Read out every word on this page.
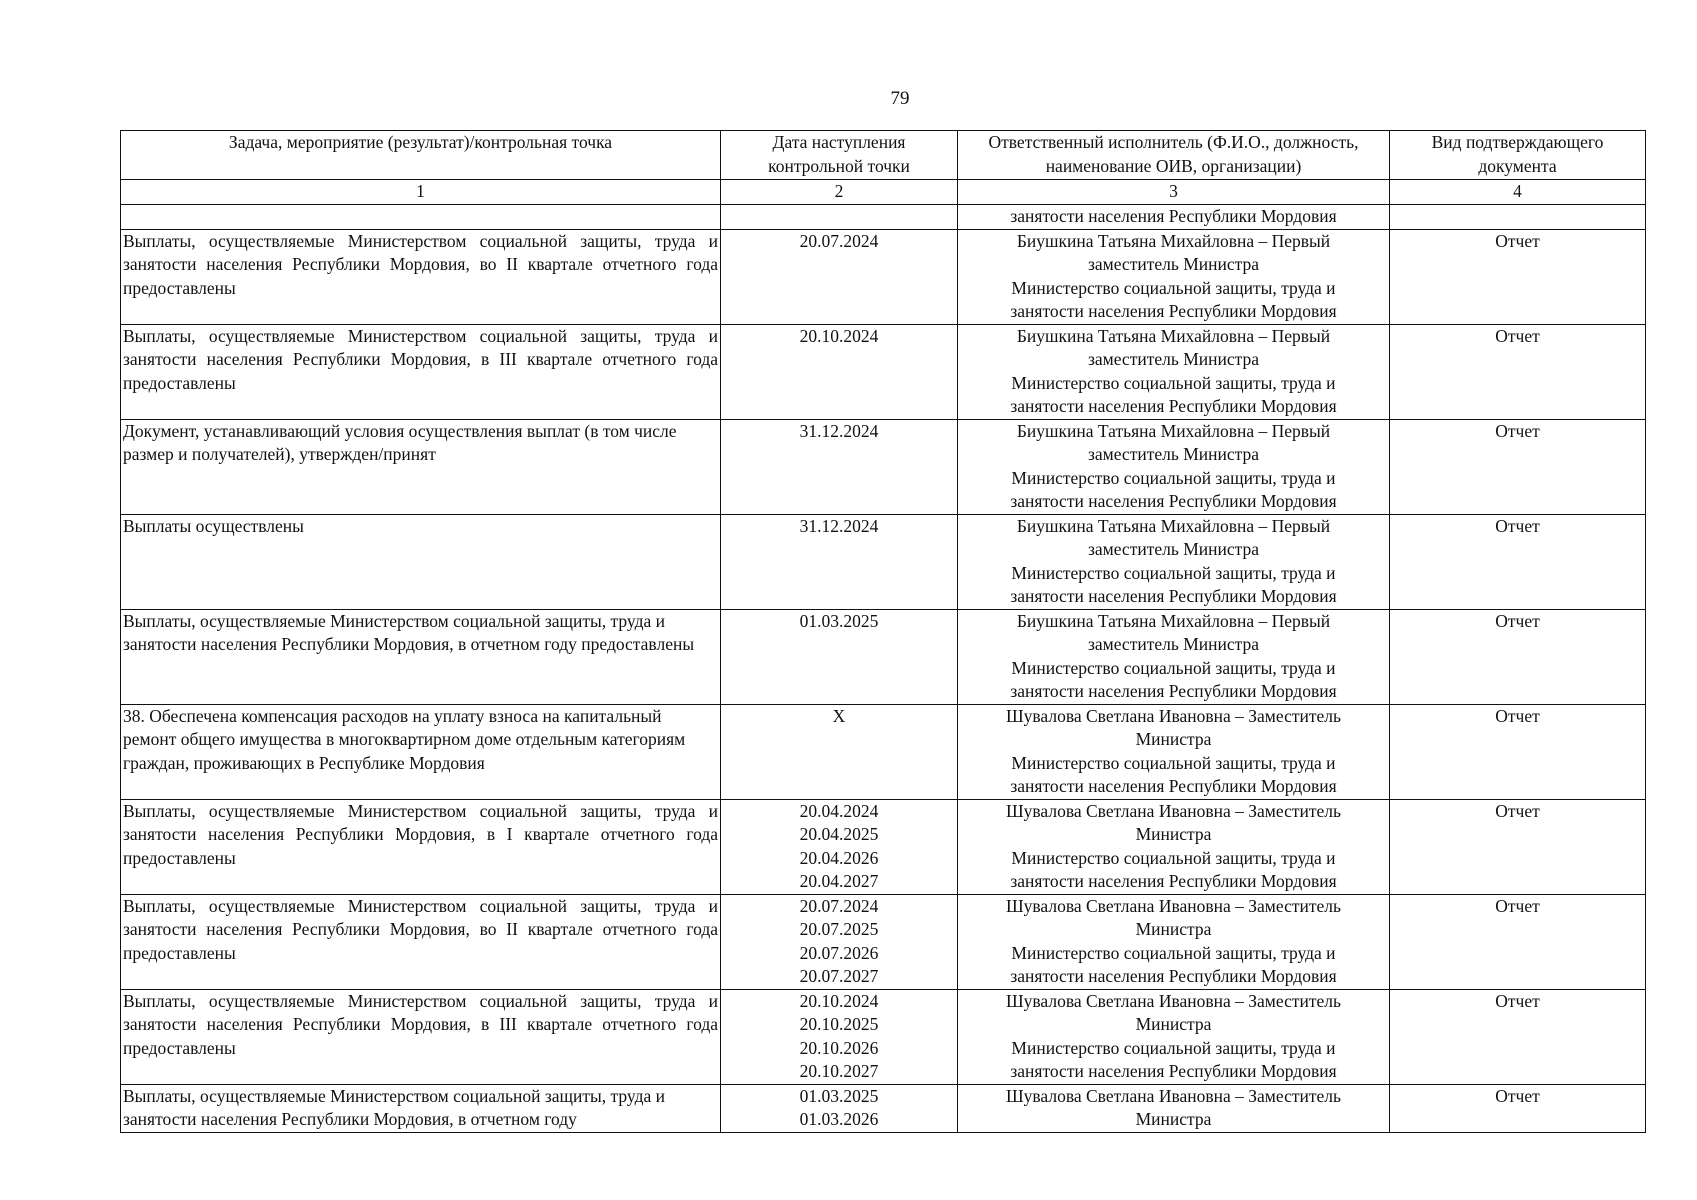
79
Задача, мероприятие (результат)/контрольная точка	Дата наступления контрольной точки	Ответственный исполнитель (Ф.И.О., должность, наименование ОИВ, организации)	Вид подтверждающего документа
1	2	3	4
		занятости населения Республики Мордовия	
Выплаты, осуществляемые Министерством социальной защиты, труда и занятости населения Республики Мордовия, во II квартале отчетного года предоставлены	20.07.2024	Биушкина Татьяна Михайловна – Первый
заместитель Министра
Министерство социальной защиты, труда и
занятости населения Республики Мордовия	Отчет
Выплаты, осуществляемые Министерством социальной защиты, труда и занятости населения Республики Мордовия, в III квартале отчетного года предоставлены	20.10.2024	Биушкина Татьяна Михайловна – Первый
заместитель Министра
Министерство социальной защиты, труда и
занятости населения Республики Мордовия	Отчет
Документ, устанавливающий условия осуществления выплат (в том числе размер и получателей), утвержден/принят	31.12.2024	Биушкина Татьяна Михайловна – Первый
заместитель Министра
Министерство социальной защиты, труда и
занятости населения Республики Мордовия	Отчет
Выплаты осуществлены	31.12.2024	Биушкина Татьяна Михайловна – Первый
заместитель Министра
Министерство социальной защиты, труда и
занятости населения Республики Мордовия	Отчет
Выплаты, осуществляемые Министерством социальной защиты, труда и занятости населения Республики Мордовия, в отчетном году предоставлены	01.03.2025	Биушкина Татьяна Михайловна – Первый
заместитель Министра
Министерство социальной защиты, труда и
занятости населения Республики Мордовия	Отчет
38. Обеспечена компенсация расходов на уплату взноса на капитальный ремонт общего имущества в многоквартирном доме отдельным категориям граждан, проживающих в Республике Мордовия	X	Шувалова Светлана Ивановна – Заместитель
Министра
Министерство социальной защиты, труда и
занятости населения Республики Мордовия	Отчет
Выплаты, осуществляемые Министерством социальной защиты, труда и занятости населения Республики Мордовия, в I квартале отчетного года предоставлены	20.04.2024
20.04.2025
20.04.2026
20.04.2027	Шувалова Светлана Ивановна – Заместитель
Министра
Министерство социальной защиты, труда и
занятости населения Республики Мордовия	Отчет
Выплаты, осуществляемые Министерством социальной защиты, труда и занятости населения Республики Мордовия, во II квартале отчетного года предоставлены	20.07.2024
20.07.2025
20.07.2026
20.07.2027	Шувалова Светлана Ивановна – Заместитель
Министра
Министерство социальной защиты, труда и
занятости населения Республики Мордовия	Отчет
Выплаты, осуществляемые Министерством социальной защиты, труда и занятости населения Республики Мордовия, в III квартале отчетного года предоставлены	20.10.2024
20.10.2025
20.10.2026
20.10.2027	Шувалова Светлана Ивановна – Заместитель
Министра
Министерство социальной защиты, труда и
занятости населения Республики Мордовия	Отчет
Выплаты, осуществляемые Министерством социальной защиты, труда и занятости населения Республики Мордовия, в отчетном году	01.03.2025
01.03.2026	Шувалова Светлана Ивановна – Заместитель
Министра	Отчет
